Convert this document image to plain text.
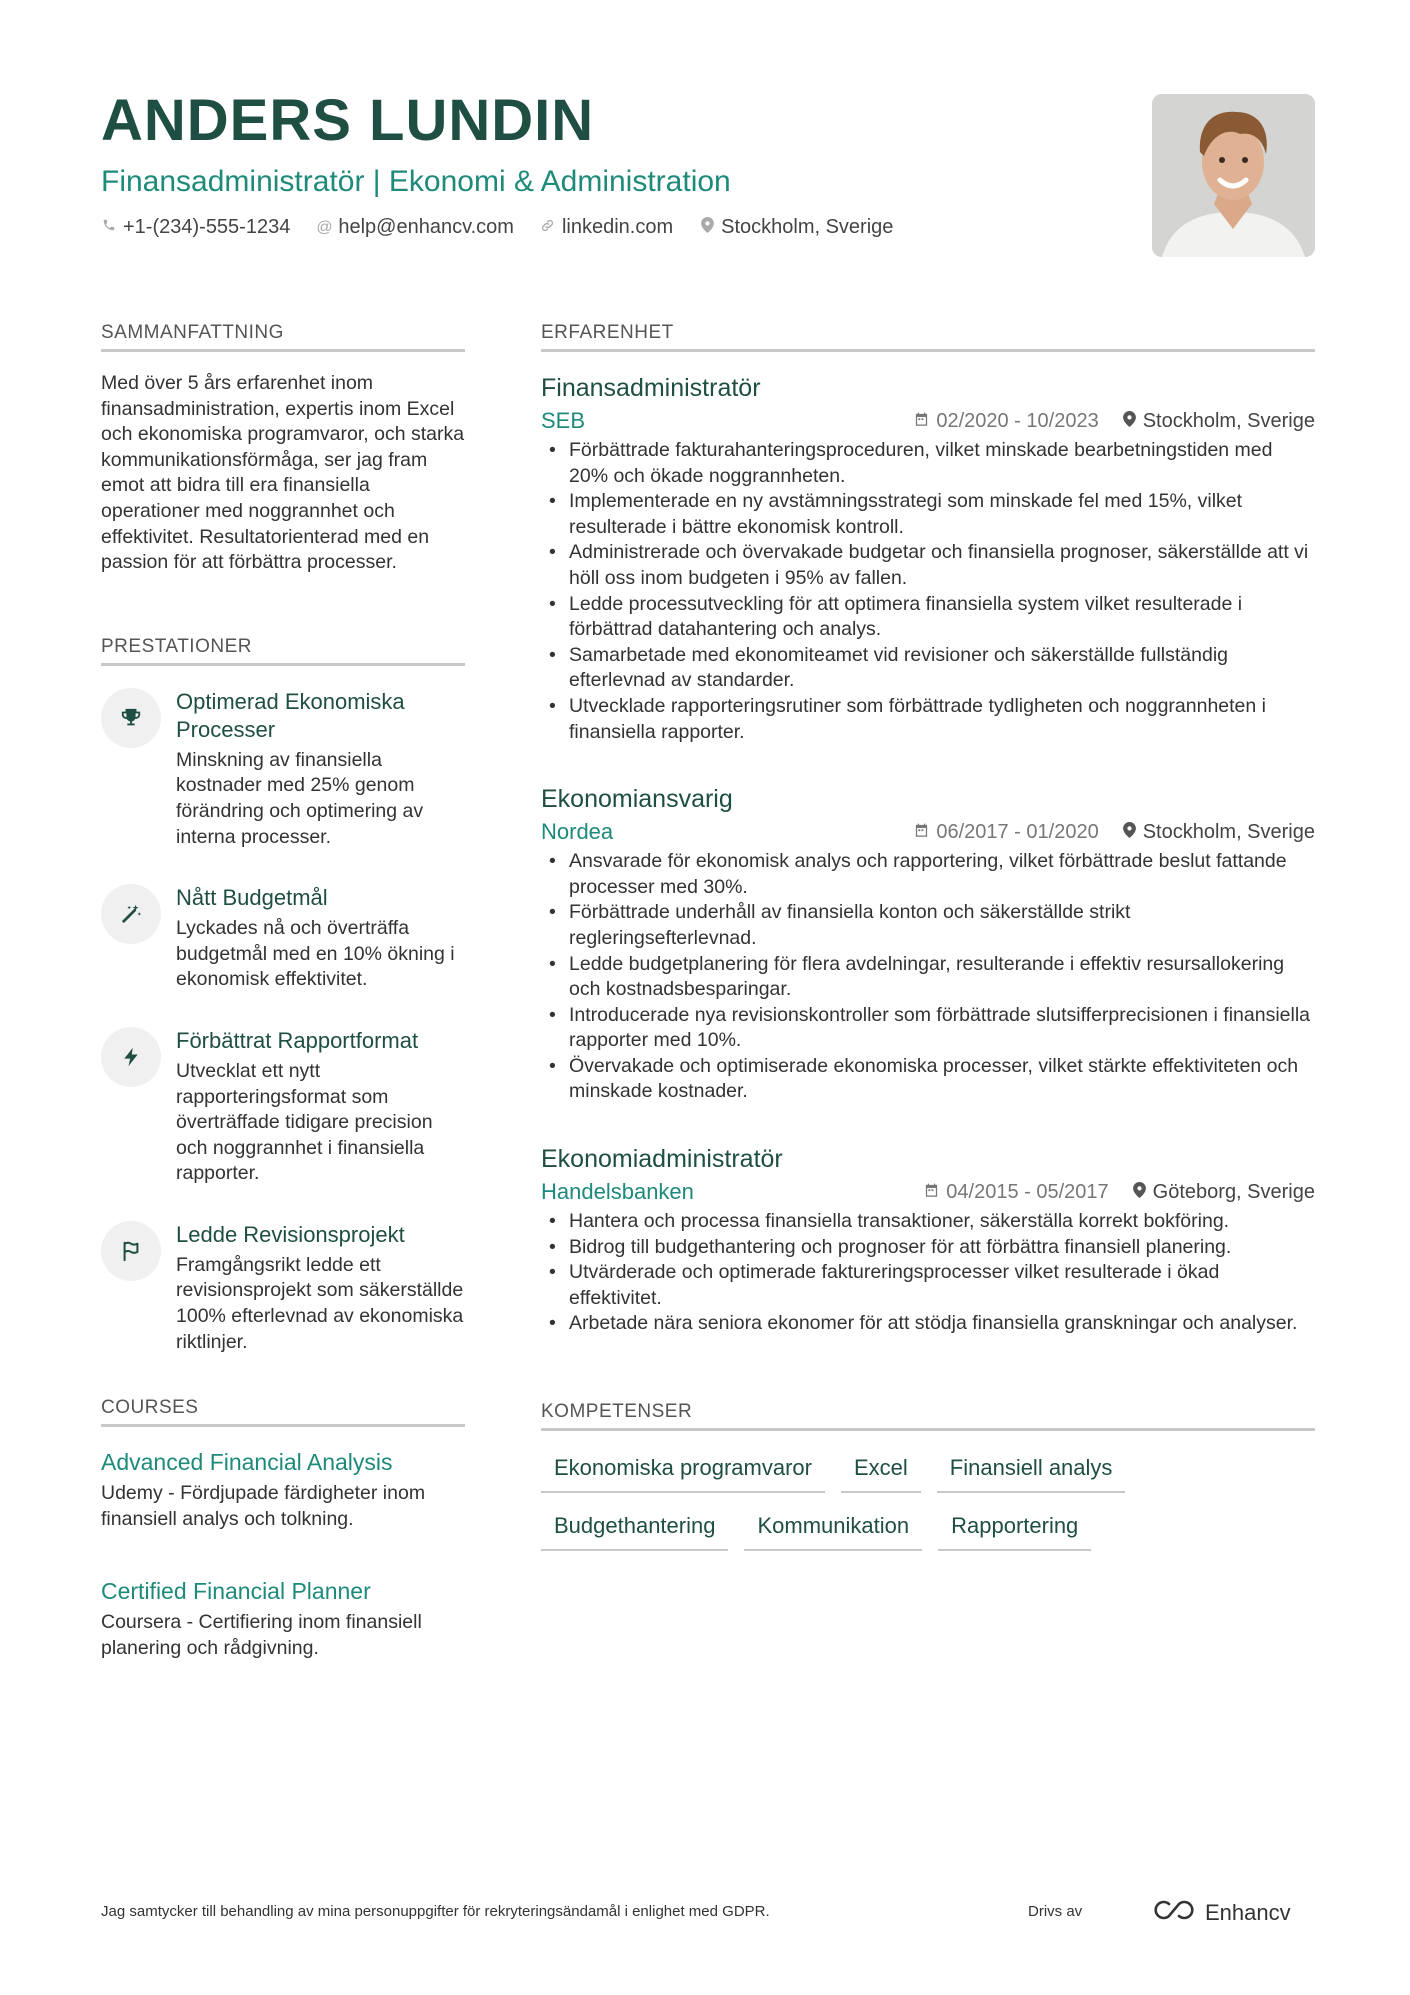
ANDERS LUNDIN
Finansadministratör | Ekonomi & Administration
+1-(234)-555-1234 @ help@enhancv.com linkedin.com Stockholm, Sverige
SAMMANFATTNING
Med över 5 års erfarenhet inom finansadministration, expertis inom Excel och ekonomiska programvaror, och starka kommunikationsförmåga, ser jag fram emot att bidra till era finansiella operationer med noggrannhet och effektivitet. Resultatorienterad med en passion för att förbättra processer.
PRESTATIONER
Optimerad Ekonomiska Processer
Minskning av finansiella kostnader med 25% genom förändring och optimering av interna processer.
Nått Budgetmål
Lyckades nå och överträffa budgetmål med en 10% ökning i ekonomisk effektivitet.
Förbättrat Rapportformat
Utvecklat ett nytt rapporteringsformat som överträffade tidigare precision och noggrannhet i finansiella rapporter.
Ledde Revisionsprojekt
Framgångsrikt ledde ett revisionsprojekt som säkerställde 100% efterlevnad av ekonomiska riktlinjer.
COURSES
Advanced Financial Analysis
Udemy - Fördjupade färdigheter inom finansiell analys och tolkning.
Certified Financial Planner
Coursera - Certifiering inom finansiell planering och rådgivning.
ERFARENHET
Finansadministratör
SEB	02/2020 - 10/2023 Stockholm, Sverige
• Förbättrade fakturahanteringsproceduren, vilket minskade bearbetningstiden med 20% och ökade noggrannheten.
• Implementerade en ny avstämningsstrategi som minskade fel med 15%, vilket resulterade i bättre ekonomisk kontroll.
• Administrerade och övervakade budgetar och finansiella prognoser, säkerställde att vi höll oss inom budgeten i 95% av fallen.
• Ledde processutveckling för att optimera finansiella system vilket resulterade i förbättrad datahantering och analys.
• Samarbetade med ekonomiteamet vid revisioner och säkerställde fullständig efterlevnad av standarder.
• Utvecklade rapporteringsrutiner som förbättrade tydligheten och noggrannheten i finansiella rapporter.
Ekonomiansvarig
Nordea	06/2017 - 01/2020 Stockholm, Sverige
• Ansvarade för ekonomisk analys och rapportering, vilket förbättrade beslut fattande processer med 30%.
• Förbättrade underhåll av finansiella konton och säkerställde strikt regleringsefterlevnad.
• Ledde budgetplanering för flera avdelningar, resulterande i effektiv resursallokering och kostnadsbesparingar.
• Introducerade nya revisionskontroller som förbättrade slutsifferprecisionen i finansiella rapporter med 10%.
• Övervakade och optimiserade ekonomiska processer, vilket stärkte effektiviteten och minskade kostnader.
Ekonomiadministratör
Handelsbanken	04/2015 - 05/2017 Göteborg, Sverige
• Hantera och processa finansiella transaktioner, säkerställa korrekt bokföring.
• Bidrog till budgethantering och prognoser för att förbättra finansiell planering.
• Utvärderade och optimerade faktureringsprocesser vilket resulterade i ökad effektivitet.
• Arbetade nära seniora ekonomer för att stödja finansiella granskningar och analyser.
KOMPETENSER
Ekonomiska programvaror	Excel	Finansiell analys
Budgethantering	Kommunikation	Rapportering
Jag samtycker till behandling av mina personuppgifter för rekryteringsändamål i enlighet med GDPR.	Drivs av	Enhancv
